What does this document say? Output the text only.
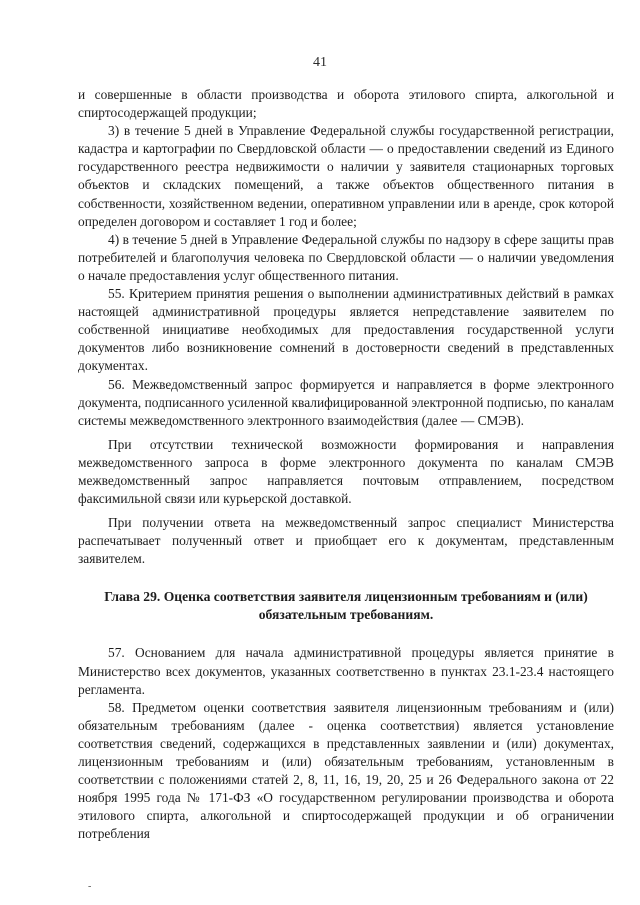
41

и совершенные в области производства и оборота этилового спирта, алкогольной и спиртосодержащей продукции;

3) в течение 5 дней в Управление Федеральной службы государственной регистрации, кадастра и картографии по Свердловской области — о предоставлении сведений из Единого государственного реестра недвижимости о наличии у заявителя стационарных торговых объектов и складских помещений, а также объектов общественного питания в собственности, хозяйственном ведении, оперативном управлении или в аренде, срок которой определен договором и составляет 1 год и более;

4) в течение 5 дней в Управление Федеральной службы по надзору в сфере защиты прав потребителей и благополучия человека по Свердловской области — о наличии уведомления о начале предоставления услуг общественного питания.

55. Критерием принятия решения о выполнении административных действий в рамках настоящей административной процедуры является непредставление заявителем по собственной инициативе необходимых для предоставления государственной услуги документов либо возникновение сомнений в достоверности сведений в представленных документах.

56. Межведомственный запрос формируется и направляется в форме электронного документа, подписанного усиленной квалифицированной электронной подписью, по каналам системы межведомственного электронного взаимодействия (далее — СМЭВ).

При отсутствии технической возможности формирования и направления межведомственного запроса в форме электронного документа по каналам СМЭВ межведомственный запрос направляется почтовым отправлением, посредством факсимильной связи или курьерской доставкой.

При получении ответа на межведомственный запрос специалист Министерства распечатывает полученный ответ и приобщает его к документам, представленным заявителем.

Глава 29. Оценка соответствия заявителя лицензионным требованиям и (или) обязательным требованиям.

57. Основанием для начала административной процедуры является принятие в Министерство всех документов, указанных соответственно в пунктах 23.1-23.4 настоящего регламента.

58. Предметом оценки соответствия заявителя лицензионным требованиям и (или) обязательным требованиям (далее - оценка соответствия) является установление соответствия сведений, содержащихся в представленных заявлении и (или) документах, лицензионным требованиям и (или) обязательным требованиям, установленным в соответствии с положениями статей 2, 8, 11, 16, 19, 20, 25 и 26 Федерального закона от 22 ноября 1995 года № 171-ФЗ «О государственном регулировании производства и оборота этилового спирта, алкогольной и спиртосодержащей продукции и об ограничении потребления

-
